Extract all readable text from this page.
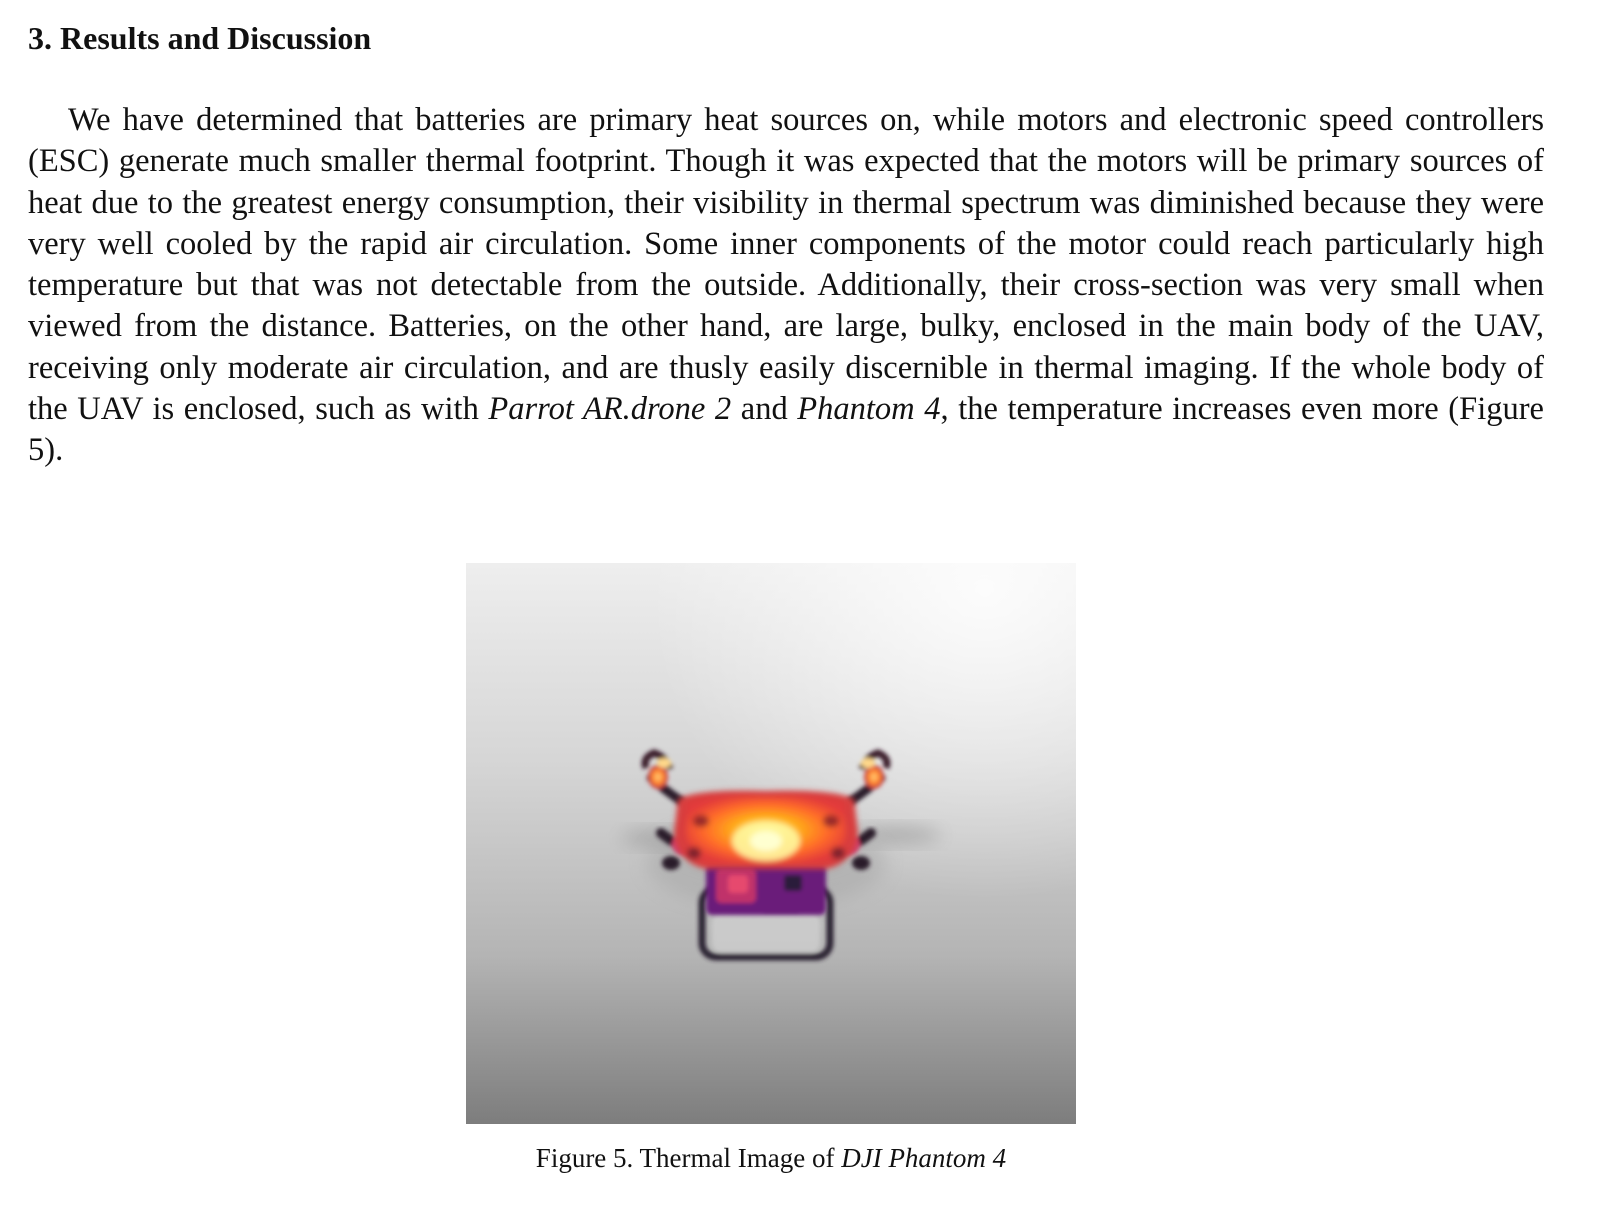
3. Results and Discussion

We have determined that batteries are primary heat sources on, while motors and electronic speed controllers (ESC) generate much smaller thermal footprint. Though it was expected that the motors will be primary sources of heat due to the greatest energy consumption, their visibility in thermal spectrum was diminished because they were very well cooled by the rapid air circulation. Some inner components of the motor could reach particularly high temperature but that was not detectable from the outside. Additionally, their cross-section was very small when viewed from the distance. Batteries, on the other hand, are large, bulky, enclosed in the main body of the UAV, receiving only moderate air circulation, and are thusly easily discernible in thermal imaging. If the whole body of the UAV is enclosed, such as with Parrot AR.drone 2 and Phantom 4, the temperature increases even more (Figure 5).

Figure 5. Thermal Image of DJI Phantom 4
